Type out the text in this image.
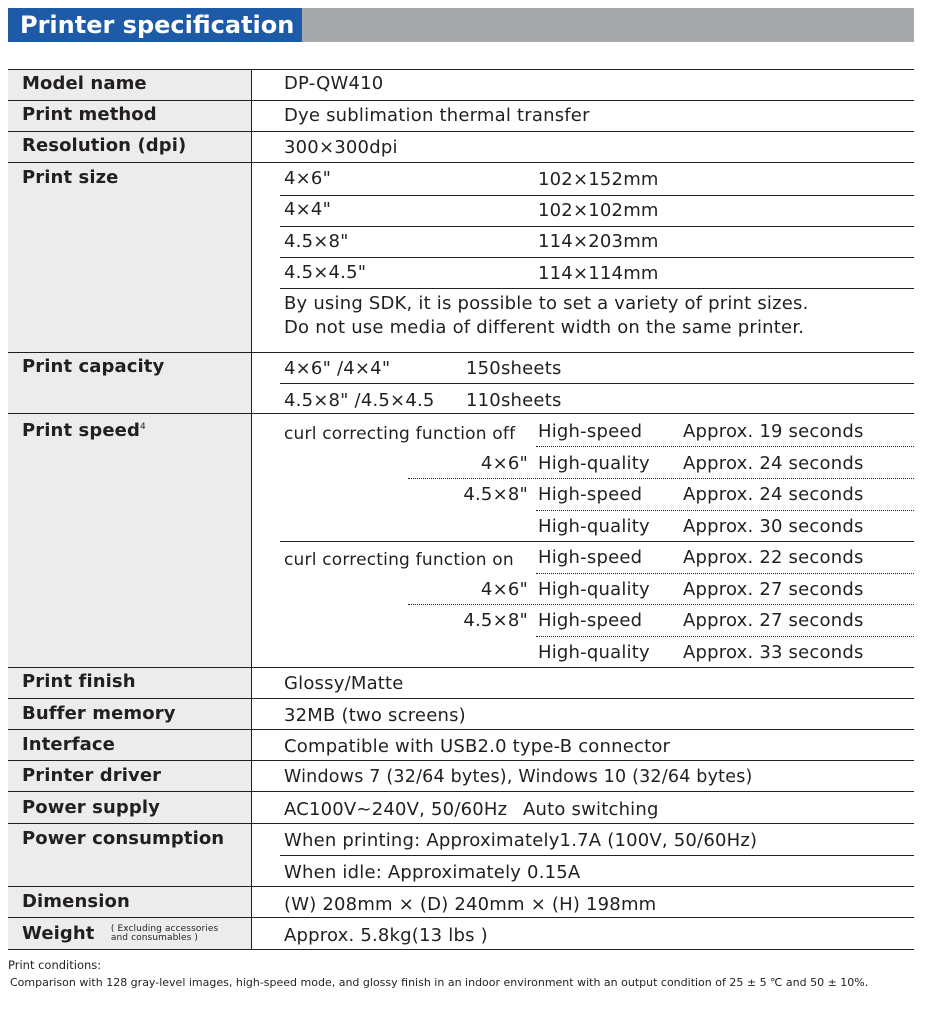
Printer specification
Model name	DP-QW410
Print method	Dye sublimation thermal transfer
Resolution (dpi)	300×300dpi
Print size	4×6"	102×152mm
4×4"	102×102mm
4.5×8"	114×203mm
4.5×4.5"	114×114mm
By using SDK, it is possible to set a variety of print sizes.
Do not use media of different width on the same printer.
Print capacity	4×6" /4×4"	150sheets
4.5×8" /4.5×4.5 110sheets
Print speed$^4$	curl correcting function off High-speed Approx. 19 seconds
4×6" High-quality Approx. 24 seconds
4.5×8" High-speed Approx. 24 seconds
High-quality Approx. 30 seconds
curl correcting function on High-speed Approx. 22 seconds
4×6" High-quality Approx. 27 seconds
4.5×8" High-speed Approx. 27 seconds
High-quality Approx. 33 seconds
Print finish	Glossy/Matte
Buffer memory	32MB (two screens)
Interface	Compatible with USB2.0 type-B connector
Printer driver	Windows 7 (32/64 bytes), Windows 10 (32/64 bytes)
Power supply	AC100V~240V, 50/60Hz Auto switching
Power consumption	When printing: Approximately1.7A (100V, 50/60Hz)
When idle: Approximately 0.15A
Dimension	(W) 208mm × (D) 240mm × (H) 198mm
Weight ( Excluding accessories
and consumables )	Approx. 5.8kg(13 lbs )
Print conditions:
Comparison with 128 gray-level images, high-speed mode, and glossy finish in an indoor environment with an output condition of 25 ± 5 ℃ and 50 ± 10%.
